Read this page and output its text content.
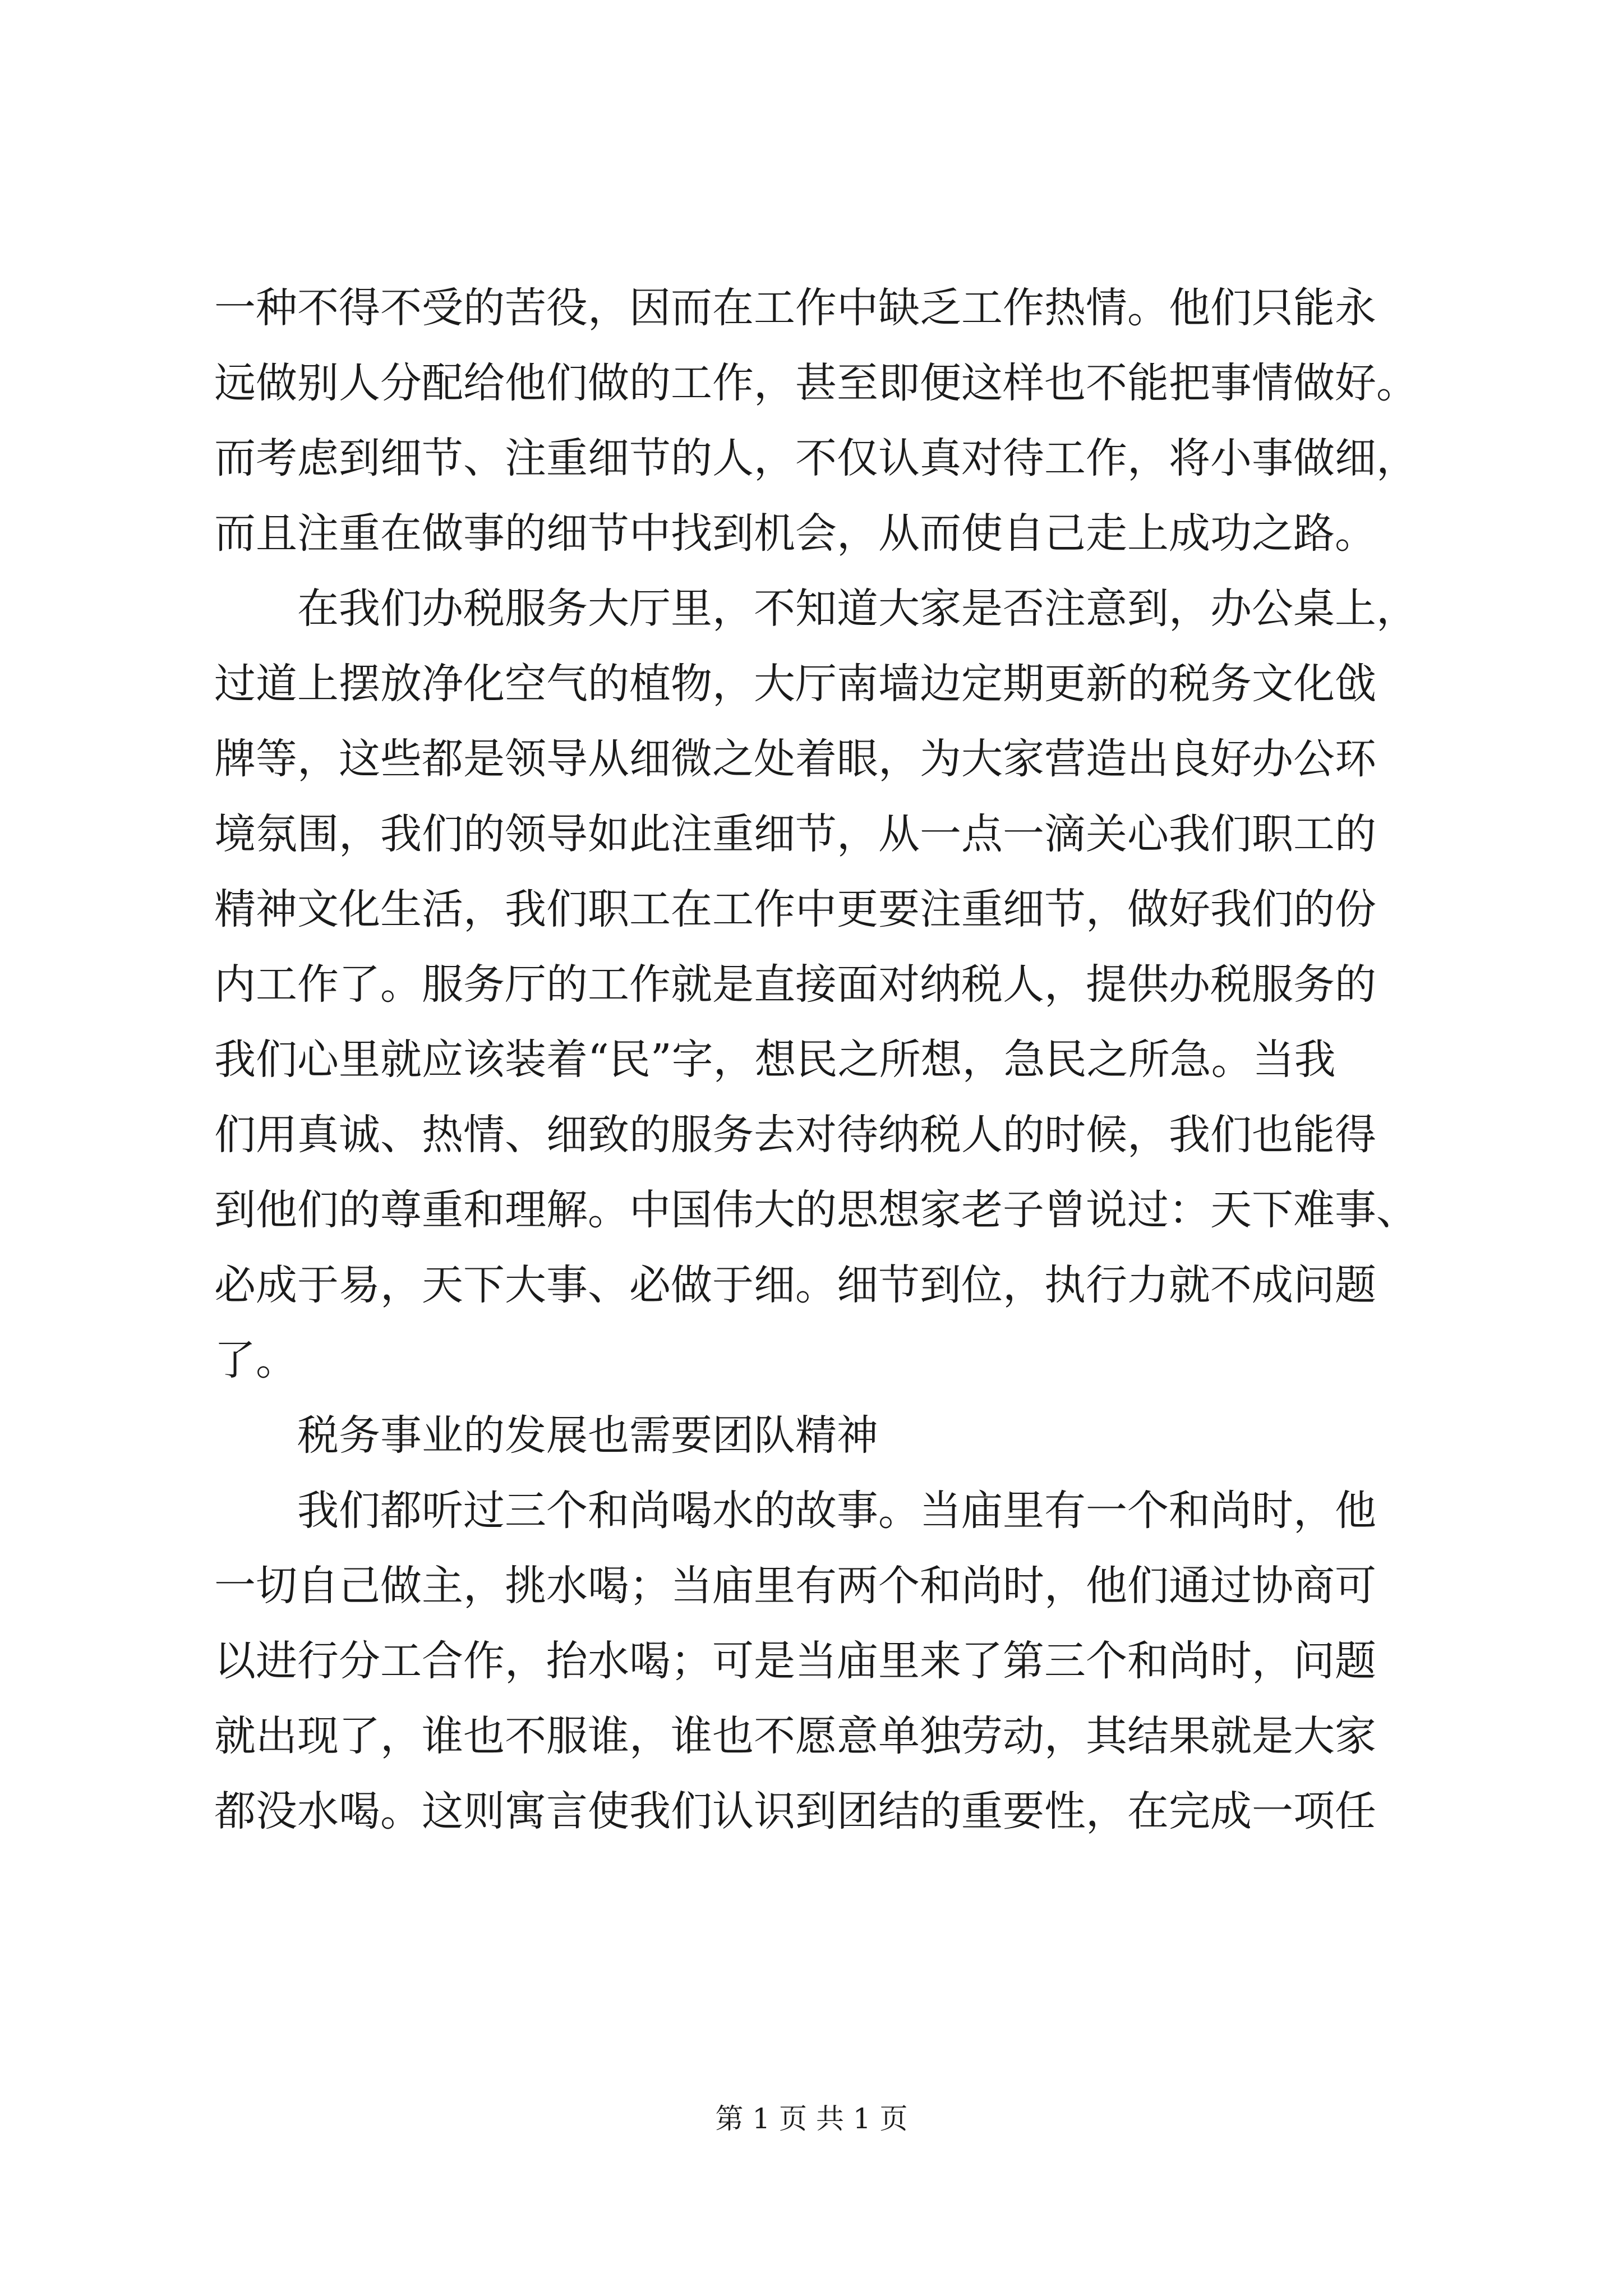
一种不得不受的苦役，因而在工作中缺乏工作热情。他们只能永
远做别人分配给他们做的工作，甚至即便这样也不能把事情做好。
而考虑到细节、注重细节的人，不仅认真对待工作，将小事做细，
而且注重在做事的细节中找到机会，从而使自己走上成功之路。
在我们办税服务大厅里，不知道大家是否注意到，办公桌上，
过道上摆放净化空气的植物，大厅南墙边定期更新的税务文化戗
牌等，这些都是领导从细微之处着眼，为大家营造出良好办公环
境氛围，我们的领导如此注重细节，从一点一滴关心我们职工的
精神文化生活，我们职工在工作中更要注重细节，做好我们的份
内工作了。服务厅的工作就是直接面对纳税人，提供办税服务的
我们心里就应该装着“民”字，想民之所想，急民之所急。当我
们用真诚、热情、细致的服务去对待纳税人的时候，我们也能得
到他们的尊重和理解。中国伟大的思想家老子曾说过：天下难事、
必成于易，天下大事、必做于细。细节到位，执行力就不成问题
了。
税务事业的发展也需要团队精神
我们都听过三个和尚喝水的故事。当庙里有一个和尚时，他
一切自己做主，挑水喝；当庙里有两个和尚时，他们通过协商可
以进行分工合作，抬水喝；可是当庙里来了第三个和尚时，问题
就出现了，谁也不服谁，谁也不愿意单独劳动，其结果就是大家
都没水喝。这则寓言使我们认识到团结的重要性，在完成一项任
第 1 页 共 1 页
